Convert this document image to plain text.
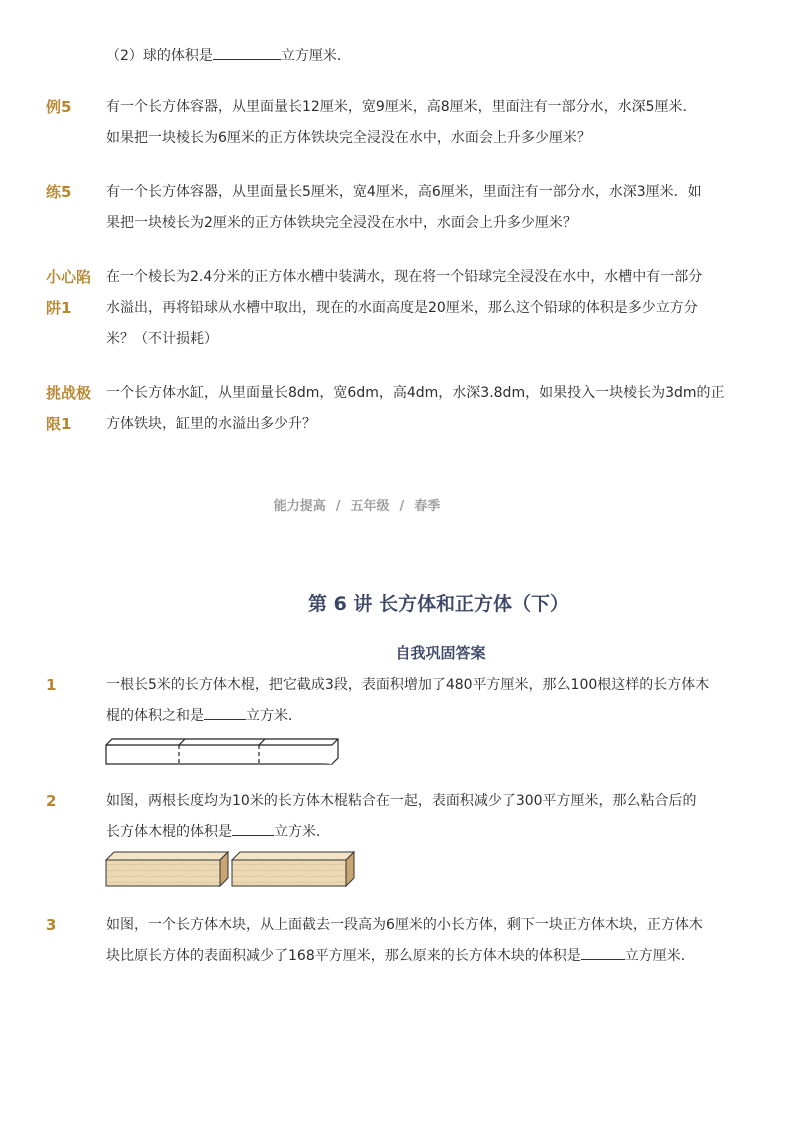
（2）球的体积是	立方厘米．
例5 有一个长方体容器，从里面量长12厘米，宽9厘米，高8厘米，里面注有一部分水，水深5厘米．
如果把一块棱长为6厘米的正方体铁块完全浸没在水中，水面会上升多少厘米？
练5 有一个长方体容器，从里面量长5厘米，宽4厘米，高6厘米，里面注有一部分水，水深3厘米．如
果把一块棱长为2厘米的正方体铁块完全浸没在水中，水面会上升多少厘米？
小心陷
阱1
在一个棱长为2.4分米的正方体水槽中装满水，现在将一个铅球完全浸没在水中，水槽中有一部分
水溢出，再将铅球从水槽中取出，现在的水面高度是20厘米，那么这个铅球的体积是多少立方分
米？（不计损耗）
挑战极
限1
一个长方体水缸，从里面量长8dm，宽6dm，高4dm，水深3.8dm，如果投入一块棱长为3dm的正
方体铁块，缸里的水溢出多少升？
能力提高 / 五年级 / 春季
第 6 讲 长方体和正方体（下）
自我巩固答案
1	一根长5米的长方体木棍，把它截成3段，表面积增加了480平方厘米，那么100根这样的长方体木
棍的体积之和是	立方米．
2	如图，两根长度均为10米的长方体木棍粘合在一起，表面积减少了300平方厘米，那么粘合后的
长方体木棍的体积是	立方米．
3	如图，一个长方体木块，从上面截去一段高为6厘米的小长方体，剩下一块正方体木块，正方体木
块比原长方体的表面积减少了168平方厘米，那么原来的长方体木块的体积是	立方厘米．
